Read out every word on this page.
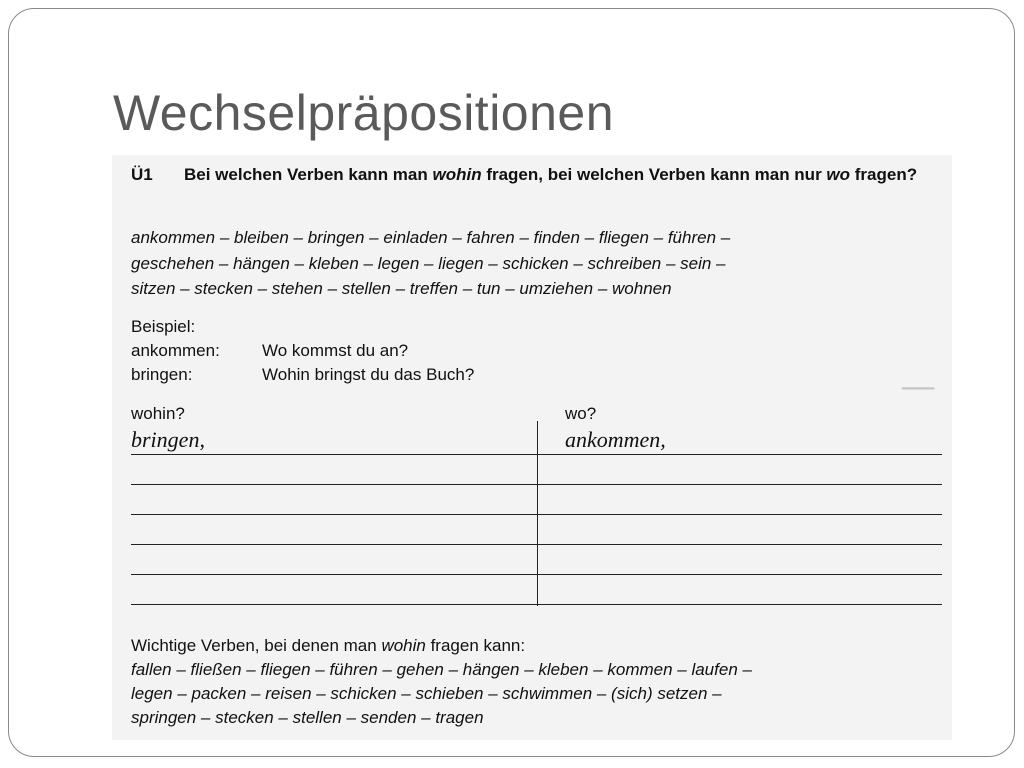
Wechselpräpositionen
▁▁▁
Ü1	Bei welchen Verben kann man wohin fragen, bei welchen Verben kann man nur wo fragen?
ankommen – bleiben – bringen – einladen – fahren – finden – fliegen – führen –
geschehen – hängen – kleben – legen – liegen – schicken – schreiben – sein –
sitzen – stecken – stehen – stellen – treffen – tun – umziehen – wohnen
Beispiel:
ankommen: Wo kommst du an?
bringen:	Wohin bringst du das Buch?
wohin?	wo?
bringen,	ankommen,
Wichtige Verben, bei denen man wohin fragen kann:
fallen – fließen – fliegen – führen – gehen – hängen – kleben – kommen – laufen –
legen – packen – reisen – schicken – schieben – schwimmen – (sich) setzen –
springen – stecken – stellen – senden – tragen
